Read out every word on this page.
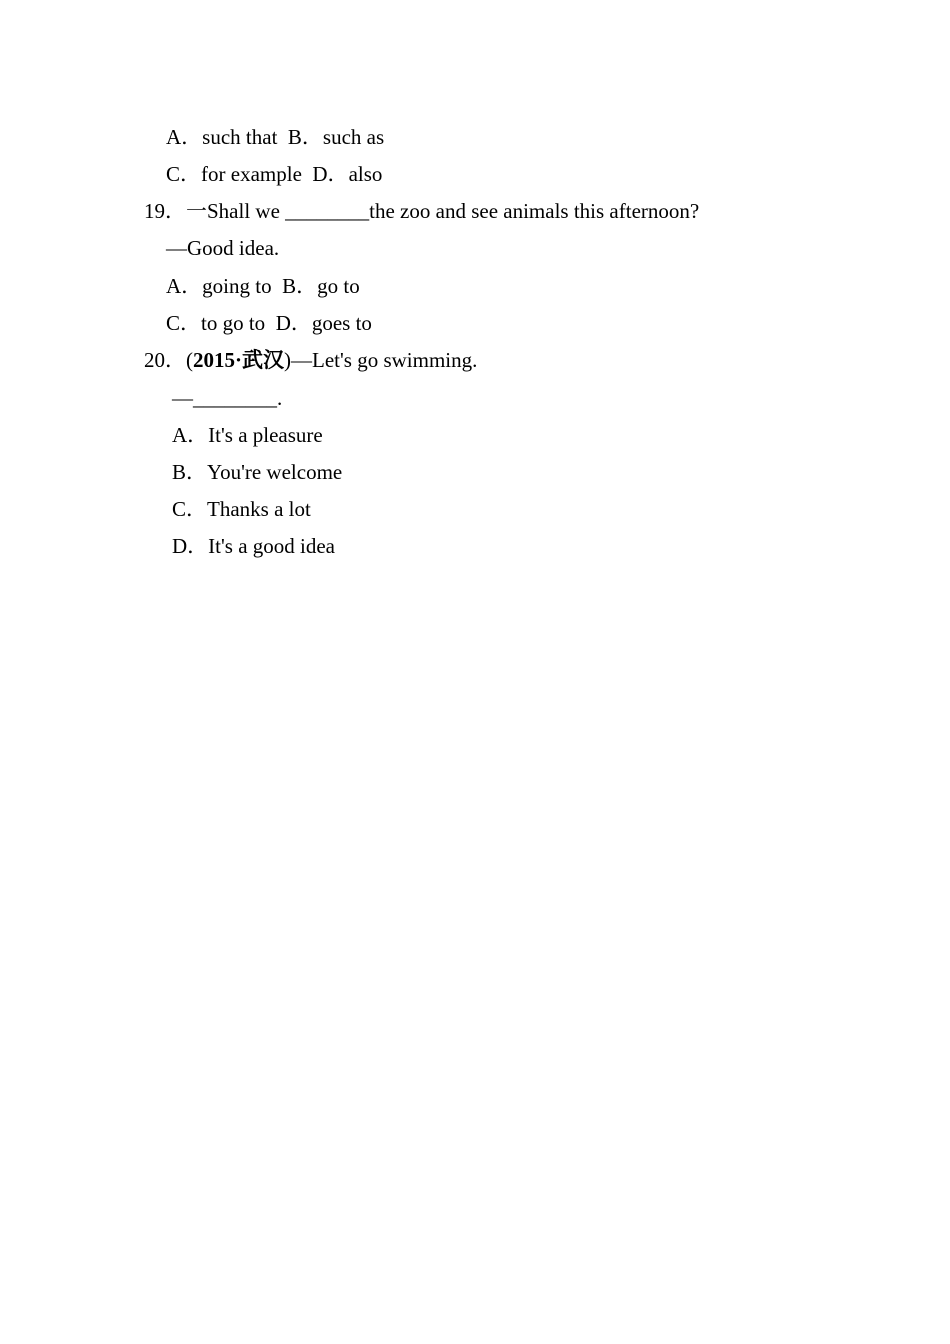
A．such that B．such as
C．for example D．also
19．一Shall we ________the zoo and see animals this afternoon?
—Good idea.
A．going to B．go to
C．to go to D．goes to
20．(2015·武汉)—Let's go swimming.
—________.
A．It's a pleasure
B．You're welcome
C．Thanks a lot
D．It's a good idea
